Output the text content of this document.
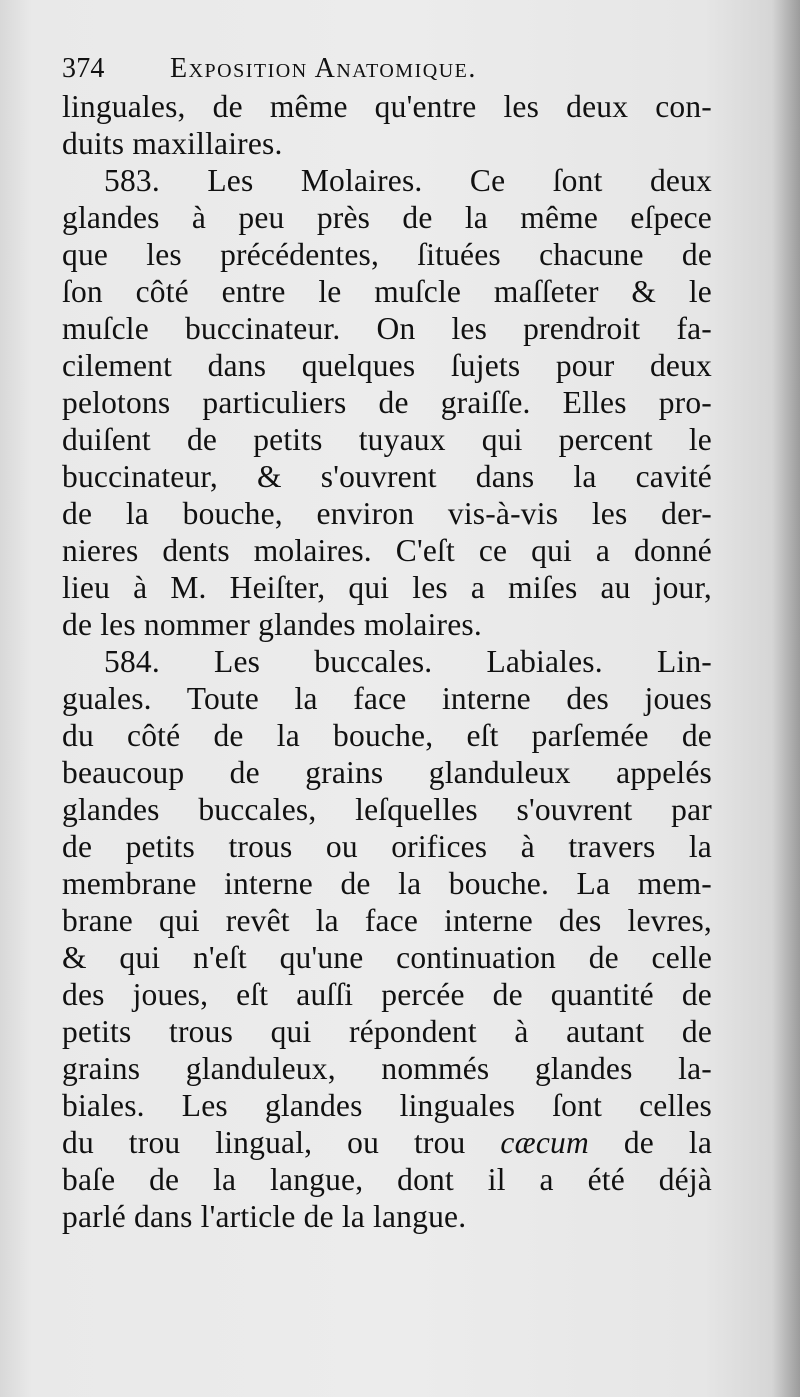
374	Exposition Anatomique.
linguales, de même qu'entre les deux con-
duits maxillaires.
583. Les Molaires. Ce ſont deux
glandes à peu près de la même eſpece
que les précédentes, ſituées chacune de
ſon côté entre le muſcle maſſeter & le
muſcle buccinateur. On les prendroit fa-
cilement dans quelques ſujets pour deux
pelotons particuliers de graiſſe. Elles pro-
duiſent de petits tuyaux qui percent le
buccinateur, & s'ouvrent dans la cavité
de la bouche, environ vis-à-vis les der-
nieres dents molaires. C'eſt ce qui a donné
lieu à M. Heiſter, qui les a miſes au jour,
de les nommer glandes molaires.
584. Les buccales. Labiales. Lin-
guales. Toute la face interne des joues
du côté de la bouche, eſt parſemée de
beaucoup de grains glanduleux appelés
glandes buccales, leſquelles s'ouvrent par
de petits trous ou orifices à travers la
membrane interne de la bouche. La mem-
brane qui revêt la face interne des levres,
& qui n'eſt qu'une continuation de celle
des joues, eſt auſſi percée de quantité de
petits trous qui répondent à autant de
grains glanduleux, nommés glandes la-
biales. Les glandes linguales ſont celles
du trou lingual, ou trou cæcum de la
baſe de la langue, dont il a été déjà
parlé dans l'article de la langue.
